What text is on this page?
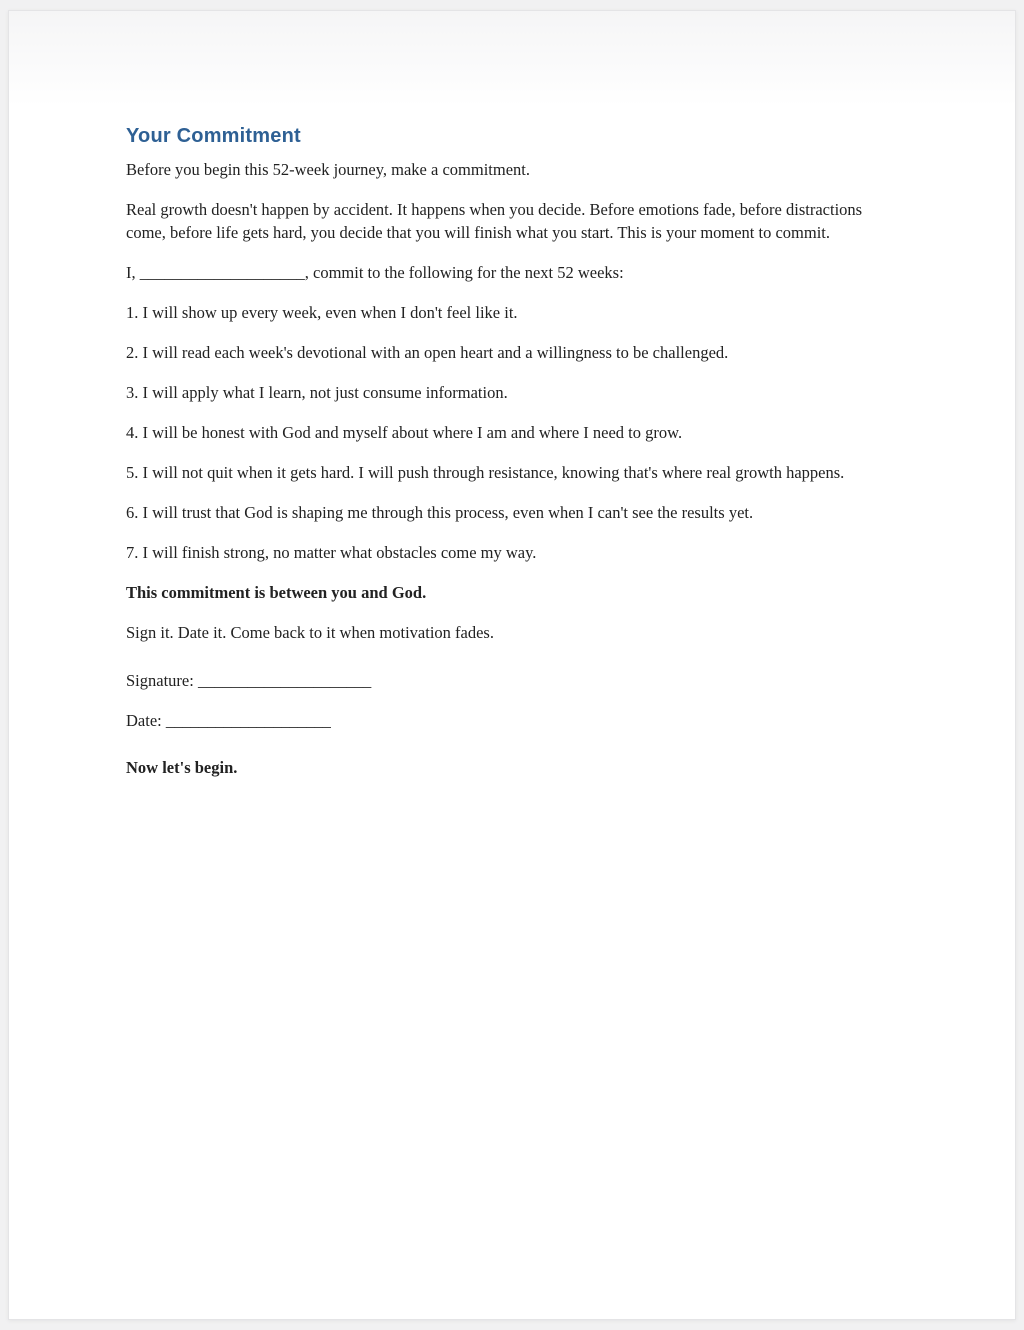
Your Commitment

Before you begin this 52-week journey, make a commitment.

Real growth doesn't happen by accident. It happens when you decide. Before emotions fade, before distractions come, before life gets hard, you decide that you will finish what you start. This is your moment to commit.

I, ____________________, commit to the following for the next 52 weeks:

1. I will show up every week, even when I don't feel like it.

2. I will read each week's devotional with an open heart and a willingness to be challenged.

3. I will apply what I learn, not just consume information.

4. I will be honest with God and myself about where I am and where I need to grow.

5. I will not quit when it gets hard. I will push through resistance, knowing that's where real growth happens.

6. I will trust that God is shaping me through this process, even when I can't see the results yet.

7. I will finish strong, no matter what obstacles come my way.

This commitment is between you and God.

Sign it. Date it. Come back to it when motivation fades.

Signature: _____________________

Date: ____________________

Now let's begin.
